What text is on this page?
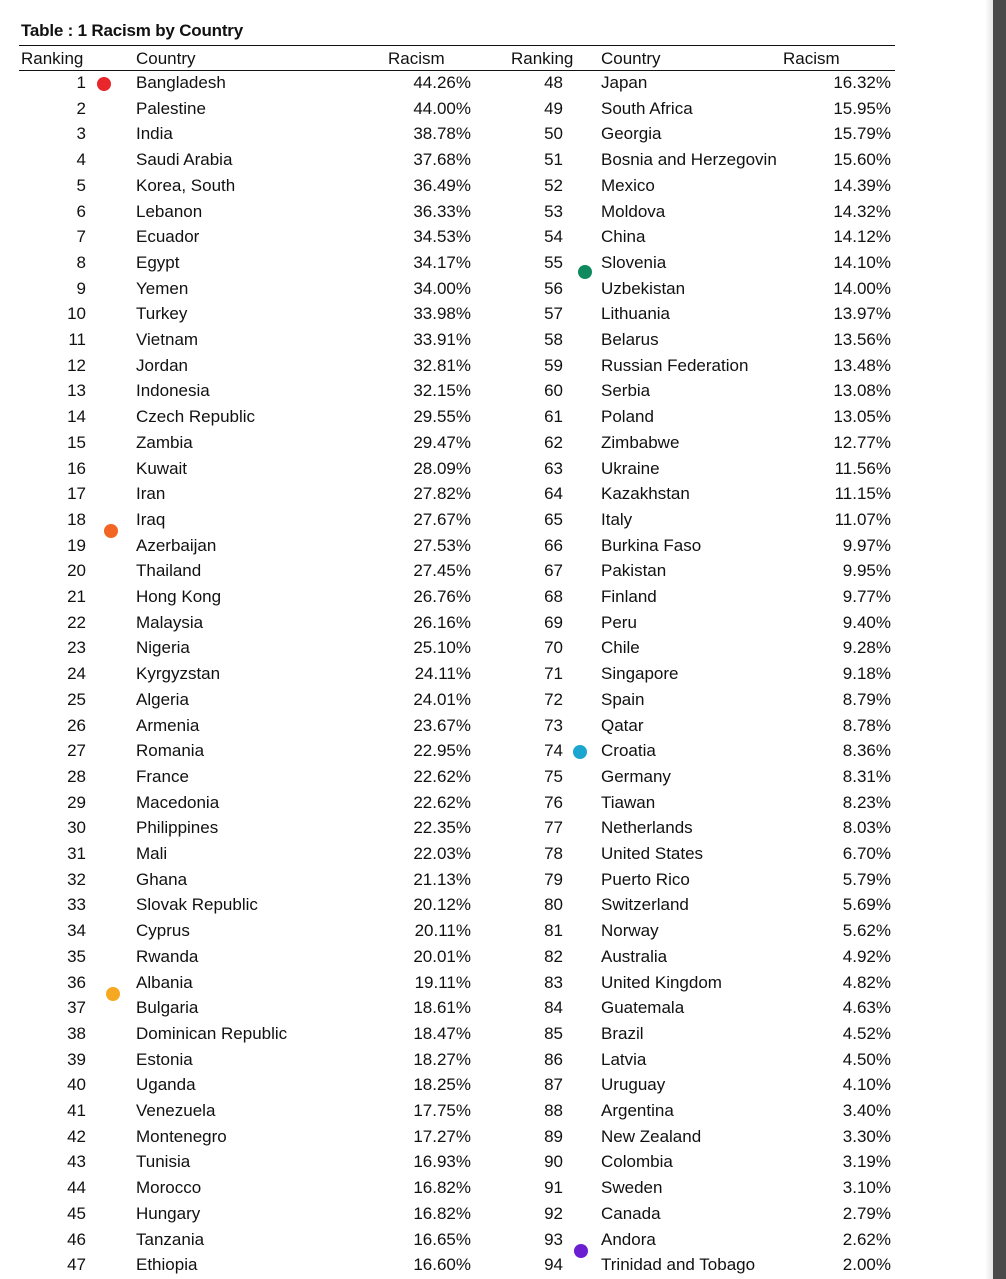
Table : 1 Racism by Country
Ranking	Country	Racism	Ranking Country	Racism
1	Bangladesh	44.26%	48 Japan	16.32%
2	Palestine	44.00%	49 South Africa	15.95%
3	India	38.78%	50 Georgia	15.79%
4	Saudi Arabia	37.68%	51 Bosnia and Herzegovin	15.60%
5	Korea, South	36.49%	52 Mexico	14.39%
6	Lebanon	36.33%	53 Moldova	14.32%
7	Ecuador	34.53%	54 China	14.12%
8	Egypt	34.17%	55 Slovenia	14.10%
9	Yemen	34.00%	56 Uzbekistan	14.00%
10	Turkey	33.98%	57 Lithuania	13.97%
11	Vietnam	33.91%	58 Belarus	13.56%
12	Jordan	32.81%	59 Russian Federation	13.48%
13	Indonesia	32.15%	60 Serbia	13.08%
14	Czech Republic	29.55%	61 Poland	13.05%
15	Zambia	29.47%	62 Zimbabwe	12.77%
16	Kuwait	28.09%	63 Ukraine	11.56%
17	Iran	27.82%	64 Kazakhstan	11.15%
18	Iraq	27.67%	65 Italy	11.07%
19	Azerbaijan	27.53%	66 Burkina Faso	9.97%
20	Thailand	27.45%	67 Pakistan	9.95%
21	Hong Kong	26.76%	68 Finland	9.77%
22	Malaysia	26.16%	69 Peru	9.40%
23	Nigeria	25.10%	70 Chile	9.28%
24	Kyrgyzstan	24.11%	71 Singapore	9.18%
25	Algeria	24.01%	72 Spain	8.79%
26	Armenia	23.67%	73 Qatar	8.78%
27	Romania	22.95%	74 Croatia	8.36%
28	France	22.62%	75 Germany	8.31%
29	Macedonia	22.62%	76 Tiawan	8.23%
30	Philippines	22.35%	77 Netherlands	8.03%
31	Mali	22.03%	78 United States	6.70%
32	Ghana	21.13%	79 Puerto Rico	5.79%
33	Slovak Republic	20.12%	80 Switzerland	5.69%
34	Cyprus	20.11%	81 Norway	5.62%
35	Rwanda	20.01%	82 Australia	4.92%
36	Albania	19.11%	83 United Kingdom	4.82%
37	Bulgaria	18.61%	84 Guatemala	4.63%
38	Dominican Republic	18.47%	85 Brazil	4.52%
39	Estonia	18.27%	86 Latvia	4.50%
40	Uganda	18.25%	87 Uruguay	4.10%
41	Venezuela	17.75%	88 Argentina	3.40%
42	Montenegro	17.27%	89 New Zealand	3.30%
43	Tunisia	16.93%	90 Colombia	3.19%
44	Morocco	16.82%	91 Sweden	3.10%
45	Hungary	16.82%	92 Canada	2.79%
46	Tanzania	16.65%	93 Andora	2.62%
47	Ethiopia	16.60%	94 Trinidad and Tobago	2.00%
